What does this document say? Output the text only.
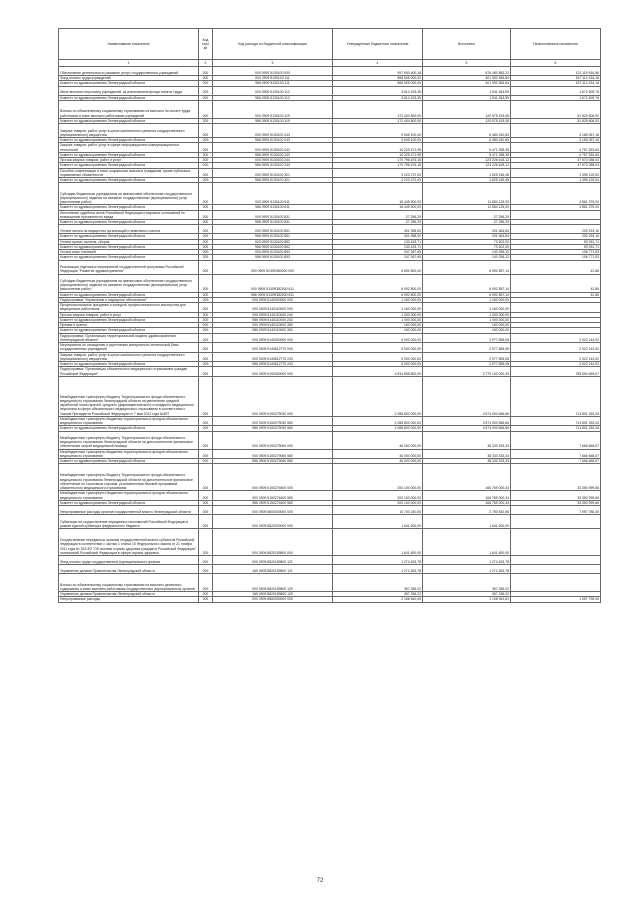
Наименование показателя	Код стро ки	Код расхода по бюджетной классификации	Утвержденные бюджетные назначения	Исполнено	Неисполненные назначения
1	2	3	4	5	6
Обеспечение деятельности (оказание услуг) государственных учреждений	200	000 0909 5130100 000	997 600 400,18	876 480 883,22	121 119 516,96
Фонд оплаты труда учреждений	200	000 0909 5130100 111	568 505 000,00	401 392 565,84	167 112 434,16
Комитет по здравоохранению Ленинградской области	200	986 0909 5130100 111	568 505 000,00	401 392 565,84	167 112 434,16
Иные выплаты персоналу учреждений, за исключением фонда оплаты труда	200	000 0909 5130100 112	3 614 153,35	1 941 543,59	1 672 609,76
Комитет по здравоохранению Ленинградской области	200	986 0909 5130100 112	3 614 153,35	1 941 543,59	1 672 609,76
Взносы по обязательному социальному страхованию на выплаты по оплате труда работников и иные выплаты работникам учреждений	200	000 0909 5130100 119	172 404 800,00	120 575 193,08	51 829 606,92
Комитет по здравоохранению Ленинградской области	200	986 0909 5130100 119	172 404 800,00	120 575 193,08	51 829 606,92
Закупка товаров, работ, услуг в целях капитального ремонта государственного (муниципального) имущества	200	000 0909 5130100 243	9 645 100,00	6 480 042,84	3 165 057,16
Комитет по здравоохранению Ленинградской области	200	986 0909 5130100 243	9 645 100,00	6 480 042,84	3 165 057,16
Закупка товаров, работ, услуг в сфере информационно-коммуникационных технологий	200	000 0909 5130100 242	10 229 471,95	5 471 938,35	4 757 533,60
Комитет по здравоохранению Ленинградской области	200	986 0909 5130100 242	10 229 471,95	5 471 938,35	4 757 533,60
Прочая закупка товаров, работ и услуг	200	000 0909 5130100 244	170 796 676,15	123 226 618,12	47 570 058,03
Комитет по здравоохранению Ленинградской области	200	986 0909 5130100 244	170 796 676,15	123 226 618,12	47 570 058,03
Пособия, компенсации и иные социальные выплаты гражданам, кроме публичных нормативных обязательств	200	000 0909 5130100 321	3 223 272,00	1 825 146,46	1 398 125,54
Комитет по здравоохранению Ленинградской области	200	986 0909 5130100 321	3 223 272,00	1 825 146,46	1 398 125,54
Субсидии бюджетным учреждениям на финансовое обеспечение государственного (муниципального) задания на оказание государственных (муниципальных) услуг (выполнение работ)	200	000 0909 5130100 611	16 445 500,00	11 584 125,00	4 861 375,00
Комитет по здравоохранению Ленинградской области	200	986 0909 5130100 611	16 445 500,00	11 584 125,00	4 861 375,00
Исполнение судебных актов Российской Федерации и мировых соглашений по возмещению причиненного вреда	200	000 0909 5130100 831	27 256,29	27 256,29	
Комитет по здравоохранению Ленинградской области	200	986 0909 5130100 831	27 256,29	27 256,29	
Уплата налога на имущество организаций и земельного налога	200	000 0909 5130100 851	401 958,00	201 664,84	200 293,16
Комитет по здравоохранению Ленинградской области	200	986 0909 5130100 851	401 958,00	201 664,84	200 293,16
Уплата прочих налогов, сборов	200	000 0909 5130100 852	133 433,71	73 502,00	59 931,71
Комитет по здравоохранению Ленинградской области	200	986 0909 5130100 852	133 433,71	73 502,00	59 931,71
Уплата иных платежей	200	000 0909 5130100 853	247 067,65	140 296,12	106 771,53
Комитет по здравоохранению Ленинградской области	200	986 0909 5130100 853	247 067,65	140 296,12	106 771,53
Реализация отдельных мероприятий государственной программы Российской Федерации "Развитие здравоохранения"	200	000 0909 5130R382000 000	6 692 800,00	6 992 857,14	42,86
Субсидии бюджетным учреждениям на финансовое обеспечение государственного (муниципального) задания на оказание государственных (муниципальных) услуг (выполнение работ)	200	000 0909 5130R382000 611	6 992 800,00	6 992 857,14	42,86
Комитет по здравоохранению Ленинградской области	200	986 0909 5130R382000 611	6 992 800,00	6 992 857,14	42,86
Подпрограмма "Управление и надзорное обеспечение"	200	000 0909 5140000000 000	1 160 000,00	1 160 000,00	
Профессиональные праздники и конкурсы профессионального мастерства для медицинских работников	200	000 0909 5140110000 000	1 160 000,00	1 160 000,00	
Прочая закупка товаров, работ и услуг	200	000 0909 5140110000 244	1 000 000,00	1 000 000,00	
Комитет по здравоохранению Ленинградской области	200	986 0909 5140110000 244	1 000 000,00	1 000 000,00	
Премии и гранты	200	000 0909 5140110000 350	160 000,00	160 000,00	
Комитет по здравоохранению Ленинградской области	200	986 0909 5140110000 350	160 000,00	160 000,00	
Подпрограмма "Организация территориальной модели здравоохранения Ленинградской области"	200	000 0909 5140000000 000	5 000 000,00	2 977 855,08	2 022 144,92
Мероприятия по оснащению и укреплению материально-технической базы государственных учреждений	200	000 0909 5140612770 000	5 000 000,00	2 977 855,08	2 022 144,92
Закупка товаров, работ, услуг в целях капитального ремонта государственного (муниципального) имущества	200	000 0909 5140612770 243	5 000 000,00	2 977 855,08	2 022 144,92
Комитет по здравоохранению Ленинградской области	200	986 0909 5140612770 243	5 000 000,00	2 977 855,08	2 022 144,92
Подпрограмма "Организация обязательного медицинского страхования граждан Российской Федерации"	200	000 0909 5150000000 000	4 534 898 800,00	3 779 103 000,33	755 694 669,67
Межбюджетные трансферты бюджету Территориального фонда обязательного медицинского страхования Ленинградской области на увеличение средней заработной платы врачей, среднего (фармацевтического) и младшего медицинского персонала в сфере обязательного медицинского страхования в соответствии с Указом Президента Российской Федерации от 7 мая 2012 года №597	200	000 0909 5150279030 000	4 288 800 000,00	3 574 000 666,66	714 801 333,34
Межбюджетные трансферты бюджетам территориальных фондов обязательного медицинского страхования	200	000 0909 5150279030 580	4 288 800 000,00	3 574 000 666,66	714 801 333,34
Комитет по здравоохранению Ленинградской области	200	986 0909 5150279030 580	4 288 800 000,00	3 574 000 666,66	714 801 333,34
Межбюджетные трансферты бюджету Территориального фонда обязательного медицинского страхования Ленинградской области на дополнительное финансовое обеспечение скорой медицинской помощи	200	000 0909 5150279060 000	46 000 000,00	38 333 333,33	7 666 666,67
Межбюджетные трансферты бюджетам территориальных фондов обязательного медицинского страхования	200	000 0909 5150279060 580	46 000 000,00	38 333 333,33	7 666 666,67
Комитет по здравоохранению Ленинградской области	200	986 0909 5150279060 580	46 000 000,00	38 333 333,33	7 666 666,67
Межбюджетные трансферты бюджету Территориального фонда обязательного медицинского страхования Ленинградской области на дополнительное финансовое обеспечение по страховым случаям, установленным базовой программой обязательного медицинского страхования	200	000 0909 5150274600 000	200 100 000,00	166 769 000,34	33 350 999,66
Межбюджетные трансферты бюджетам территориальных фондов обязательного медицинского страхования	200	000 0909 5150274600 580	200 100 000,00	166 769 000,34	33 350 999,66
Комитет по здравоохранению Ленинградской области	200	986 0909 5150274600 580	200 100 000,00	166 769 000,34	33 350 999,66
Непрограммные расходы органов государственной власти Ленинградской области	200	000 0909 8800000000 000	10 740 240,05	2 750 542,66	7 997 786,30
Субвенции на осуществление переданных полномочий Российской Федерации в рамках единой субвенции федерального бюджета	200	000 0909 8820000000 000	1 641 600,00	1 641 600,00	
Осуществление переданных органам государственной власти субъектов Российской Федерации в соответствии с частью 1 статьи 15 Федерального закона от 21 ноября 2011 года № 323-ФЗ "Об основах охраны здоровья граждан в Российской Федерации" полномочий Российской Федерации в сфере охраны здоровья	200	000 0909 8820159800 000	1 641 600,00	1 641 600,00	
Фонд оплаты труда государственных (муниципальных) органов	200	000 0909 8820159800 121	1 274 263,78	1 274 263,78	
Управление делами Правительства Ленинградской области	200	165 0909 8820159800 121	1 274 263,78	1 274 263,78	
Взносы по обязательному социальному страхованию на выплаты денежного содержания и иные выплаты работникам государственных (муниципальных) органов	200	000 0909 8820159800 129	367 336,22	367 336,22	
Управление делами Правительства Ленинградской области	200	165 0909 8820159800 129	367 336,22	367 336,22	
Непрограммные расходы	200	000 0909 8860000000 000	2 166 640,05	1 108 943,81	1 057 795,30
72
